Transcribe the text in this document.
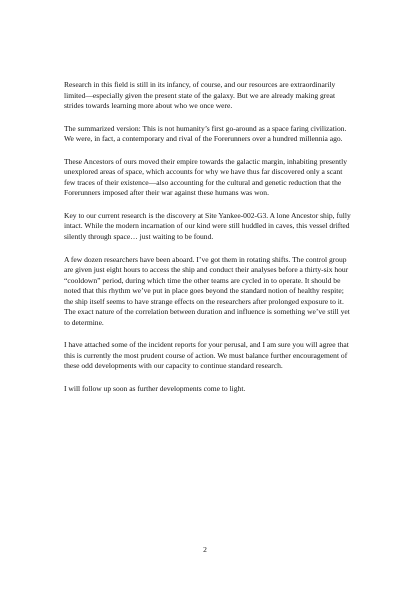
Research in this field is still in its infancy, of course, and our resources are extraordinarily limited—especially given the present state of the galaxy. But we are already making great strides towards learning more about who we once were.

The summarized version: This is not humanity’s first go-around as a space faring civilization. We were, in fact, a contemporary and rival of the Forerunners over a hundred millennia ago.

These Ancestors of ours moved their empire towards the galactic margin, inhabiting presently unexplored areas of space, which accounts for why we have thus far discovered only a scant few traces of their existence—also accounting for the cultural and genetic reduction that the Forerunners imposed after their war against these humans was won.

Key to our current research is the discovery at Site Yankee-002-G3. A lone Ancestor ship, fully intact. While the modern incarnation of our kind were still huddled in caves, this vessel drifted silently through space… just waiting to be found.

A few dozen researchers have been aboard. I’ve got them in rotating shifts. The control group are given just eight hours to access the ship and conduct their analyses before a thirty-six hour “cooldown” period, during which time the other teams are cycled in to operate. It should be noted that this rhythm we’ve put in place goes beyond the standard notion of healthy respite; the ship itself seems to have strange effects on the researchers after prolonged exposure to it. The exact nature of the correlation between duration and influence is something we’ve still yet to determine.

I have attached some of the incident reports for your perusal, and I am sure you will agree that this is currently the most prudent course of action. We must balance further encouragement of these odd developments with our capacity to continue standard research.

I will follow up soon as further developments come to light.

2
